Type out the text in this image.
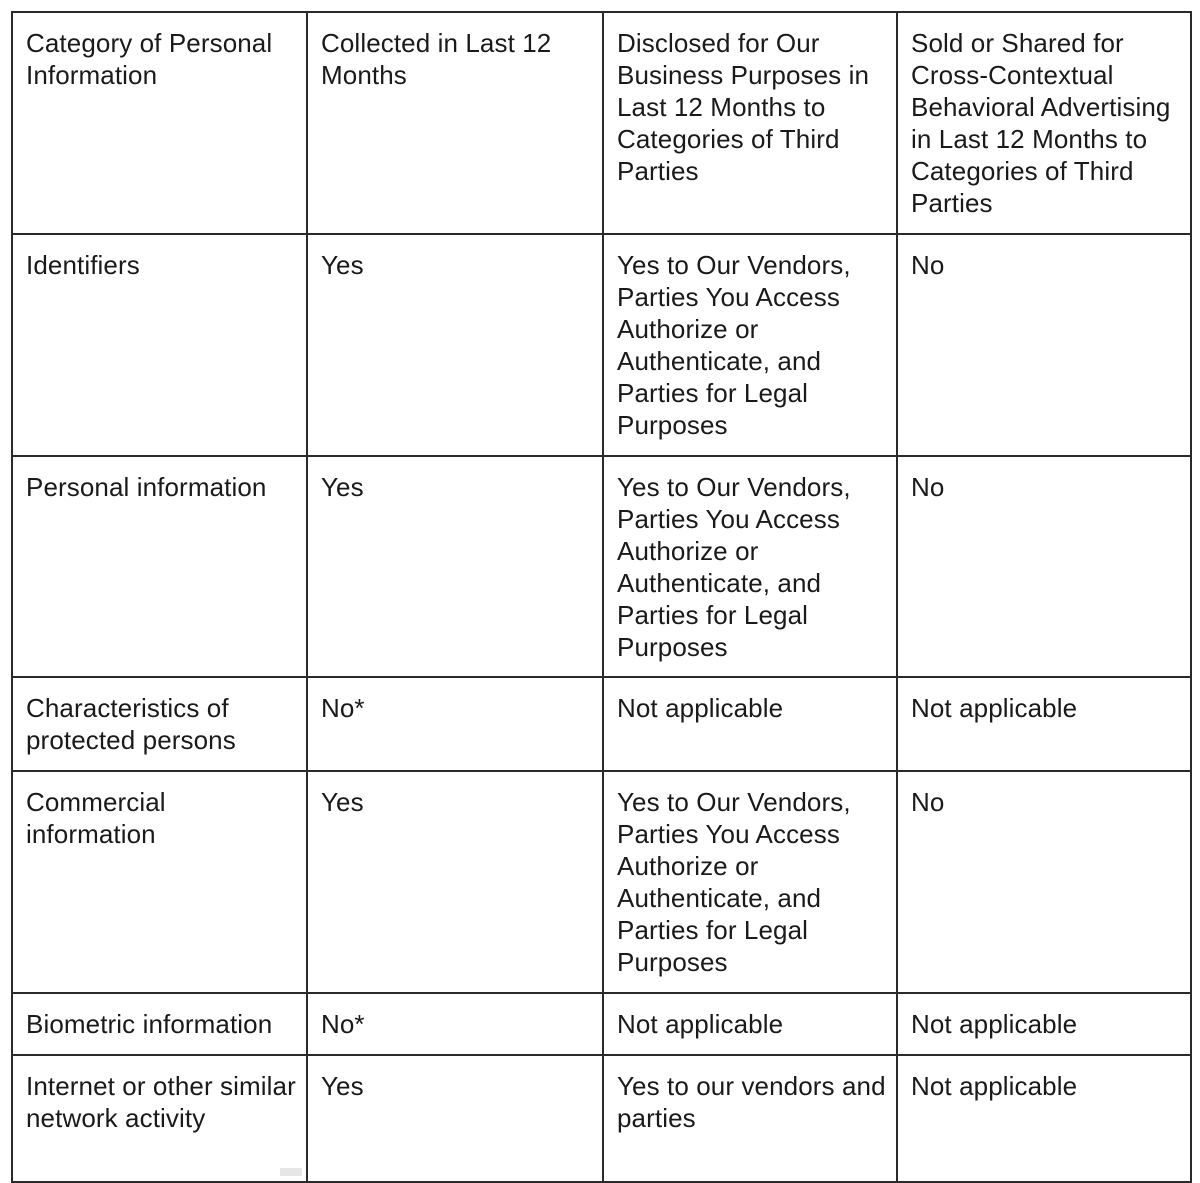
Category of Personal Information	Collected in Last 12 Months	Disclosed for Our Business Purposes in Last 12 Months to Categories of Third Parties	Sold or Shared for Cross-Contextual Behavioral Advertising in Last 12 Months to Categories of Third Parties
Identifiers	Yes	Yes to Our Vendors, Parties You Access Authorize or Authenticate, and Parties for Legal Purposes	No
Personal information	Yes	Yes to Our Vendors, Parties You Access Authorize or Authenticate, and Parties for Legal Purposes	No
Characteristics of protected persons	No*	Not applicable	Not applicable
Commercial information	Yes	Yes to Our Vendors, Parties You Access Authorize or Authenticate, and Parties for Legal Purposes	No
Biometric information	No*	Not applicable	Not applicable
Internet or other similar network activity	Yes	Yes to our vendors and parties	Not applicable
